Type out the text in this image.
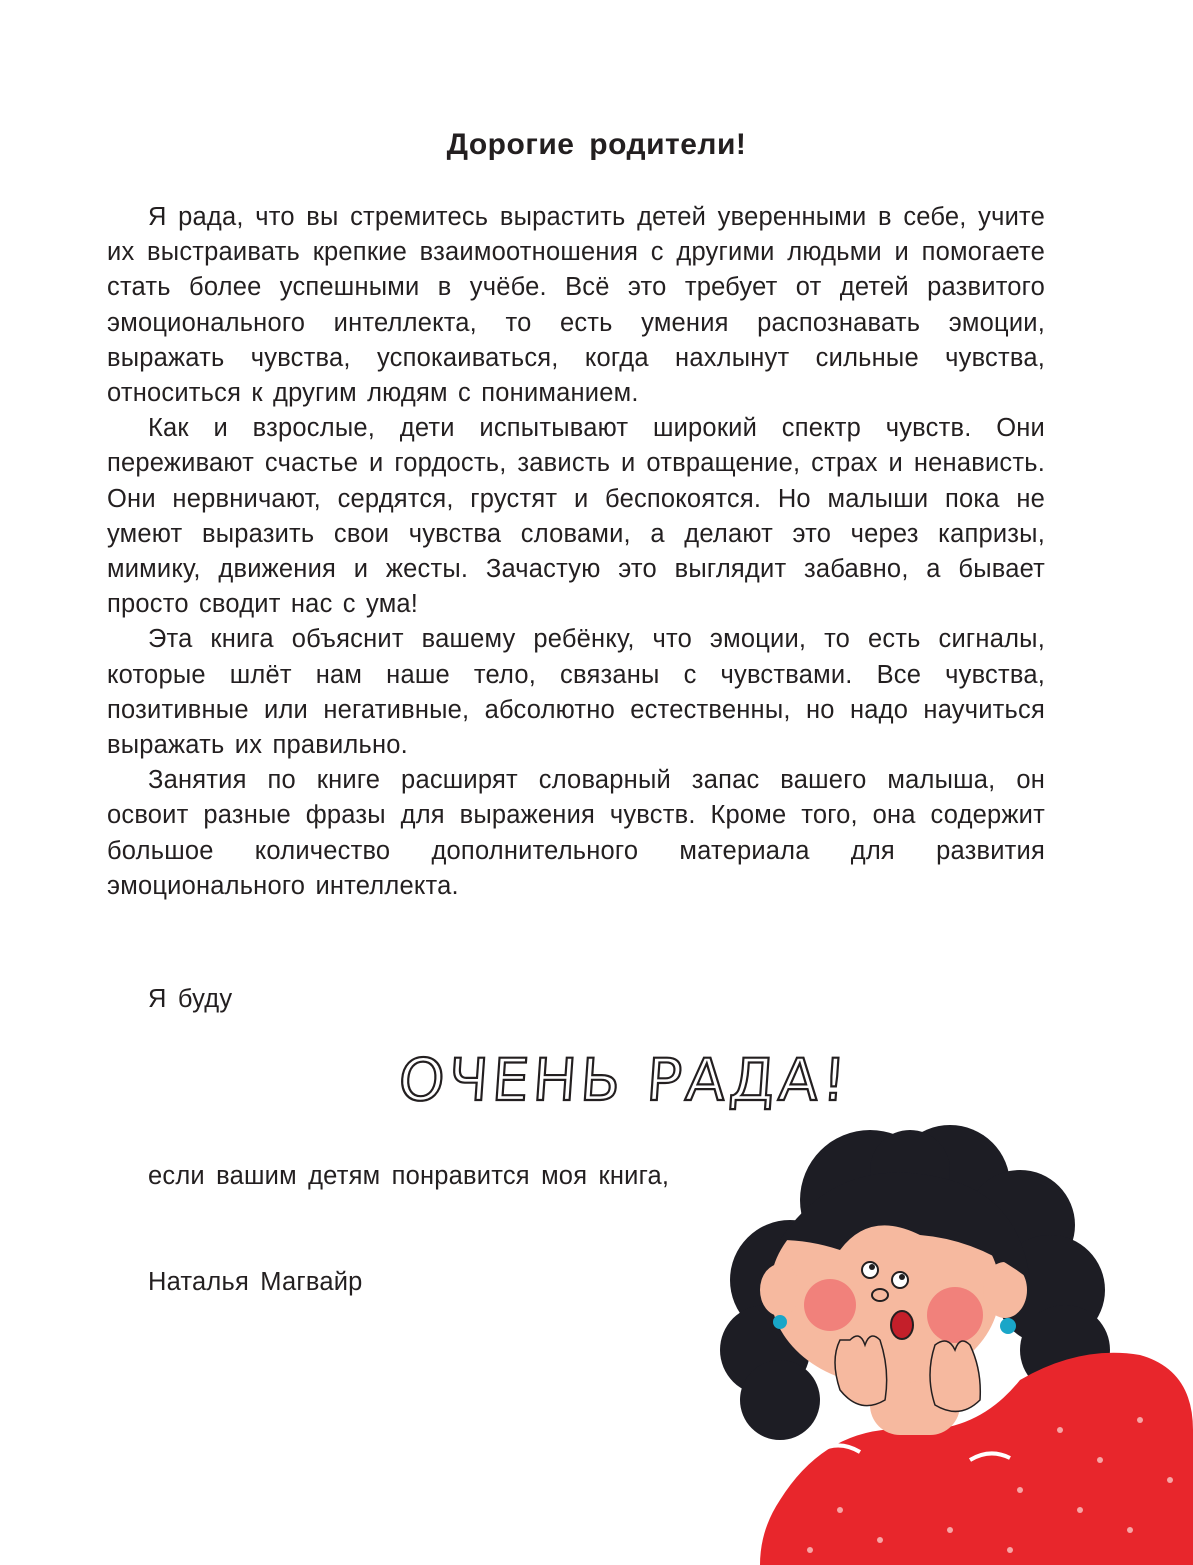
Дорогие родители!

Я рада, что вы стремитесь вырастить детей уверенными в себе, учите их выстраивать крепкие взаимоотношения с другими людьми и помогаете стать более успешными в учёбе. Всё это требует от детей развитого эмоционального интеллекта, то есть умения распознавать эмоции, выражать чувства, успокаиваться, когда нахлынут сильные чувства, относиться к другим людям с пониманием.

Как и взрослые, дети испытывают широкий спектр чувств. Они переживают счастье и гордость, зависть и отвращение, страх и ненависть. Они нервничают, сердятся, грустят и беспокоятся. Но малыши пока не умеют выразить свои чувства словами, а делают это через капризы, мимику, движения и жесты. Зачастую это выглядит забавно, а бывает просто сводит нас с ума!

Эта книга объяснит вашему ребёнку, что эмоции, то есть сигналы, которые шлёт нам наше тело, связаны с чувствами. Все чувства, позитивные или негативные, абсолютно естественны, но надо научиться выражать их правильно.

Занятия по книге расширят словарный запас вашего малыша, он освоит разные фразы для выражения чувств. Кроме того, она содержит большое количество дополнительного материала для развития эмоционального интеллекта.

Я буду
ОЧЕНЬ РАДА!
если вашим детям понравится моя книга,
Наталья Магвайр
